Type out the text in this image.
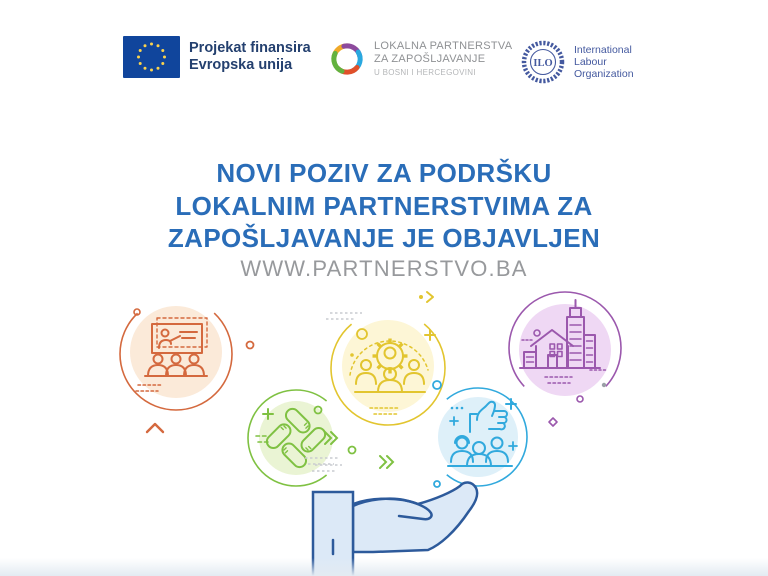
Projekat finansira
Evropska unija
LOKALNA PARTNERSTVA
ZA ZAPOŠLJAVANJE
U BOSNI I HERCEGOVINI
ILO
International
Labour
Organization
NOVI POZIV ZA PODRŠKU
LOKALNIM PARTNERSTVIMA ZA
ZAPOŠLJAVANJE JE OBJAVLJEN
WWW.PARTNERSTVO.BA
